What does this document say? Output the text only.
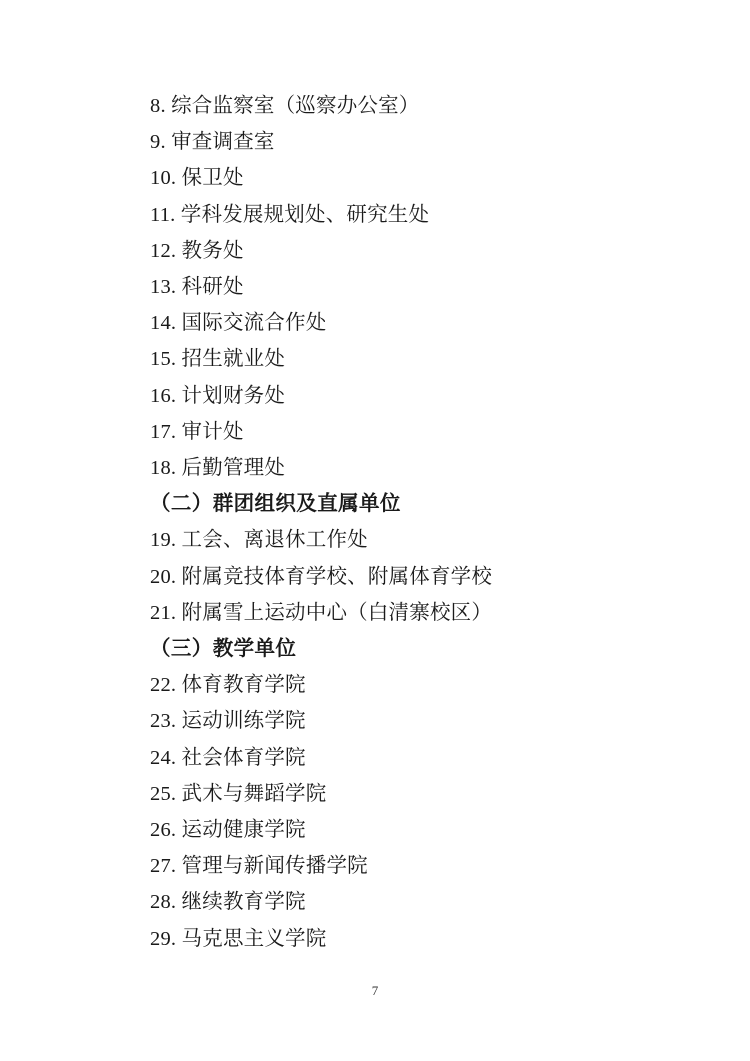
8. 综合监察室（巡察办公室）
9. 审查调查室
10. 保卫处
11. 学科发展规划处、研究生处
12. 教务处
13. 科研处
14. 国际交流合作处
15. 招生就业处
16. 计划财务处
17. 审计处
18. 后勤管理处
（二）群团组织及直属单位
19. 工会、离退休工作处
20. 附属竞技体育学校、附属体育学校
21. 附属雪上运动中心（白清寨校区）
（三）教学单位
22. 体育教育学院
23. 运动训练学院
24. 社会体育学院
25. 武术与舞蹈学院
26. 运动健康学院
27. 管理与新闻传播学院
28. 继续教育学院
29. 马克思主义学院
7
